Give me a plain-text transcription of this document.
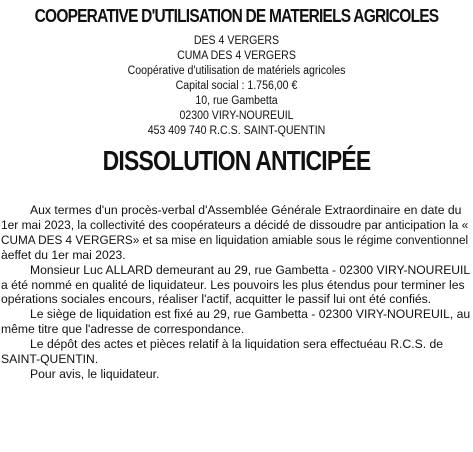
COOPERATIVE D'UTILISATION DE MATERIELS AGRICOLES
DES 4 VERGERS
CUMA DES 4 VERGERS
Coopérative d'utilisation de matériels agricoles
Capital social : 1.756,00 €
10, rue Gambetta
02300 VIRY-NOUREUIL
453 409 740 R.C.S. SAINT-QUENTIN
DISSOLUTION ANTICIPÉE

Aux termes d'un procès-verbal d'Assemblée Générale Extraordinaire en date du
1er mai 2023, la collectivité des coopérateurs a décidé de dissoudre par anticipation la «
CUMA DES 4 VERGERS» et sa mise en liquidation amiable sous le régime conventionnel
àeffet du 1er mai 2023.

Monsieur Luc ALLARD demeurant au 29, rue Gambetta - 02300 VIRY-NOUREUIL
a été nommé en qualité de liquidateur. Les pouvoirs les plus étendus pour terminer les
opérations sociales encours, réaliser l'actif, acquitter le passif lui ont été confiés.

Le siège de liquidation est fixé au 29, rue Gambetta - 02300 VIRY-NOUREUIL, au
même titre que l'adresse de correspondance.

Le dépôt des actes et pièces relatif à la liquidation sera effectuéau R.C.S. de
SAINT-QUENTIN.

Pour avis, le liquidateur.
